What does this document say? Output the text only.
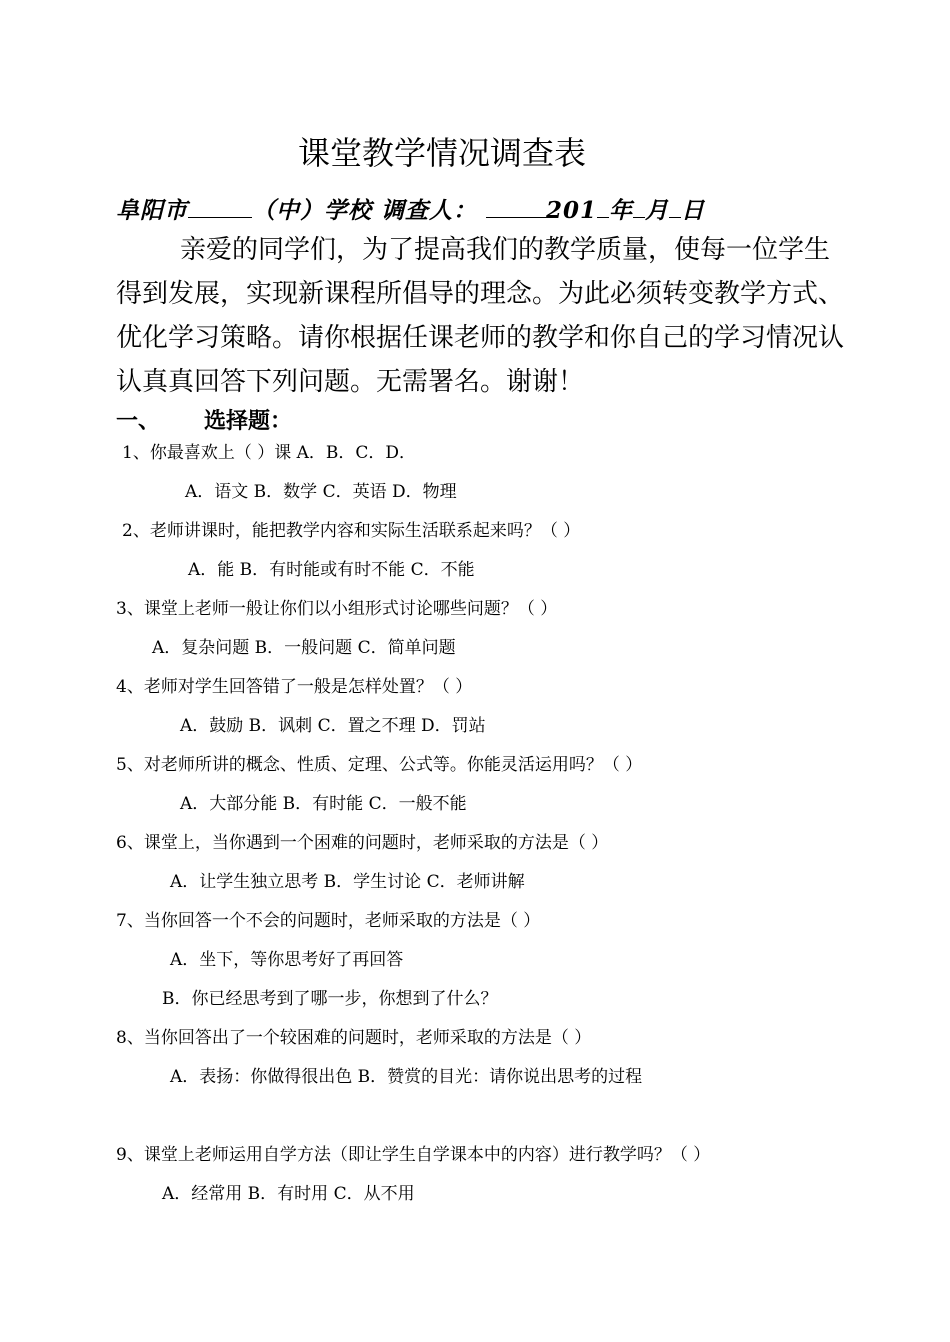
课堂教学情况调查表
阜阳市	（中）学校 调查人：	201 年 月 日
亲爱的同学们，为了提高我们的教学质量，使每一位学生得到发展，实现新课程所倡导的理念。为此必须转变教学方式、优化学习策略。请你根据任课老师的教学和你自己的学习情况认认真真回答下列问题。无需署名。谢谢！
一、 选择题：
1、你最喜欢上（ ）课 A．B．C．D．
A．语文 B．数学 C．英语 D．物理
2、老师讲课时，能把教学内容和实际生活联系起来吗？（ ）
A．能 B．有时能或有时不能 C．不能
3、课堂上老师一般让你们以小组形式讨论哪些问题？（ ）
A．复杂问题 B．一般问题 C．简单问题
4、老师对学生回答错了一般是怎样处置？（ ）
A．鼓励 B．讽刺 C．置之不理 D．罚站
5、对老师所讲的概念、性质、定理、公式等。你能灵活运用吗？（ ）
A．大部分能 B．有时能 C．一般不能
6、课堂上，当你遇到一个困难的问题时，老师采取的方法是（ ）
A．让学生独立思考 B．学生讨论 C．老师讲解
7、当你回答一个不会的问题时，老师采取的方法是（ ）
A．坐下，等你思考好了再回答
B．你已经思考到了哪一步，你想到了什么？
8、当你回答出了一个较困难的问题时，老师采取的方法是（ ）
A．表扬：你做得很出色 B．赞赏的目光：请你说出思考的过程
9、课堂上老师运用自学方法（即让学生自学课本中的内容）进行教学吗？（ ）
A．经常用 B．有时用 C．从不用
